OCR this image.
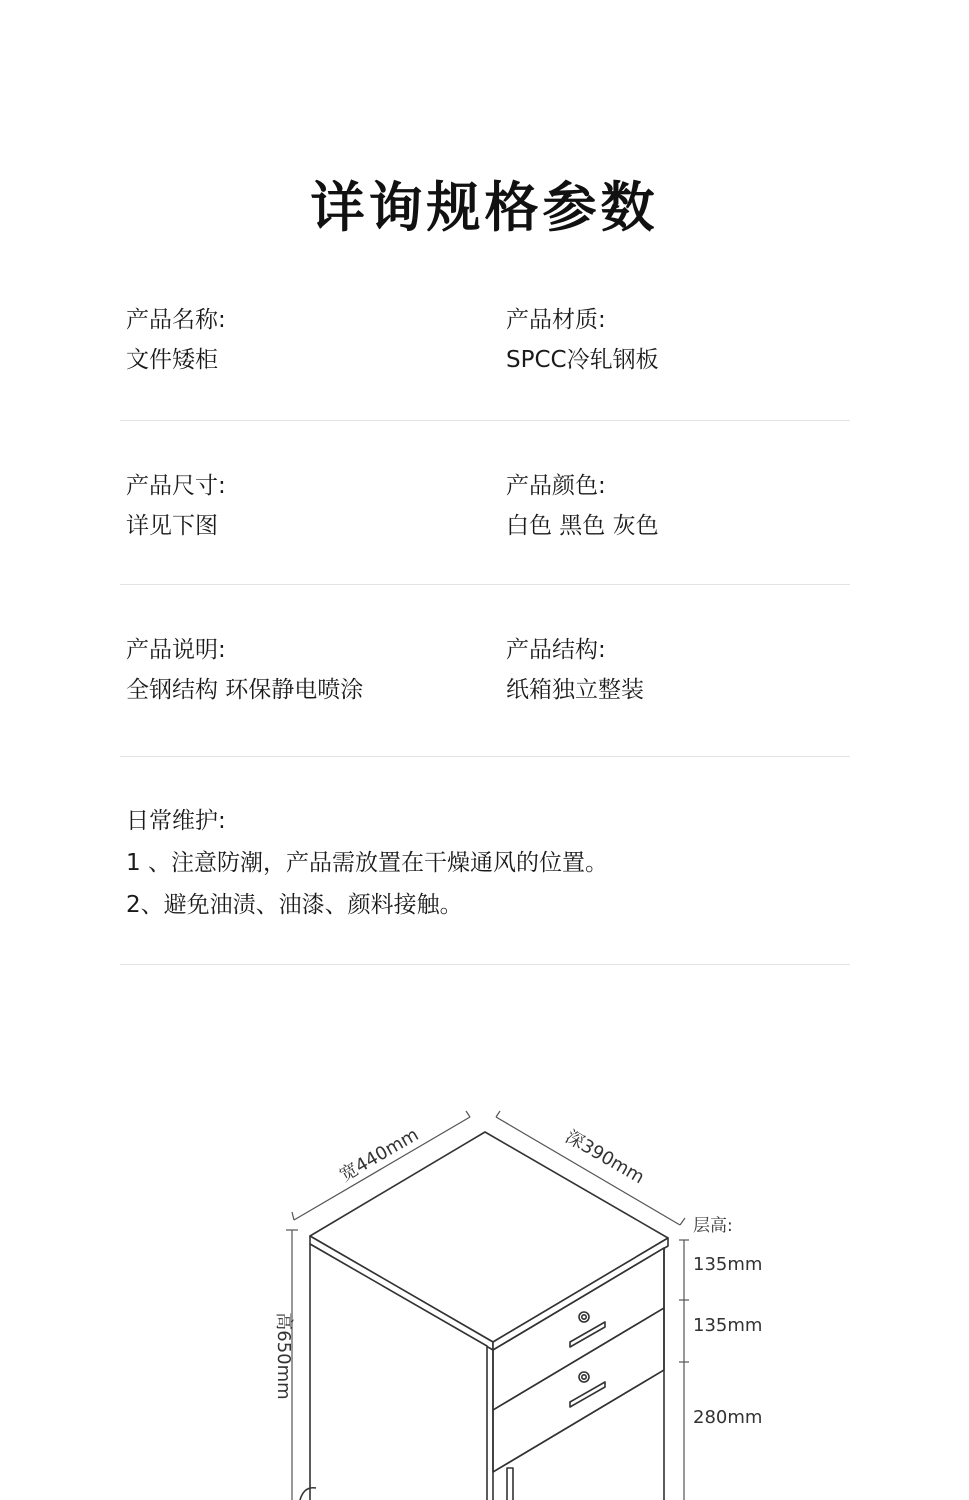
详询规格参数
产品名称:
文件矮柜
产品材质:
SPCC冷轧钢板
产品尺寸:
详见下图
产品颜色:
白色 黑色 灰色
产品说明:
全钢结构 环保静电喷涂
产品结构:
纸箱独立整装
日常维护:
1 、注意防潮，产品需放置在干燥通风的位置。
2、避免油渍、油漆、颜料接触。
宽440mm	深390mm
高650mm
层高:
135mm
135mm
280mm
